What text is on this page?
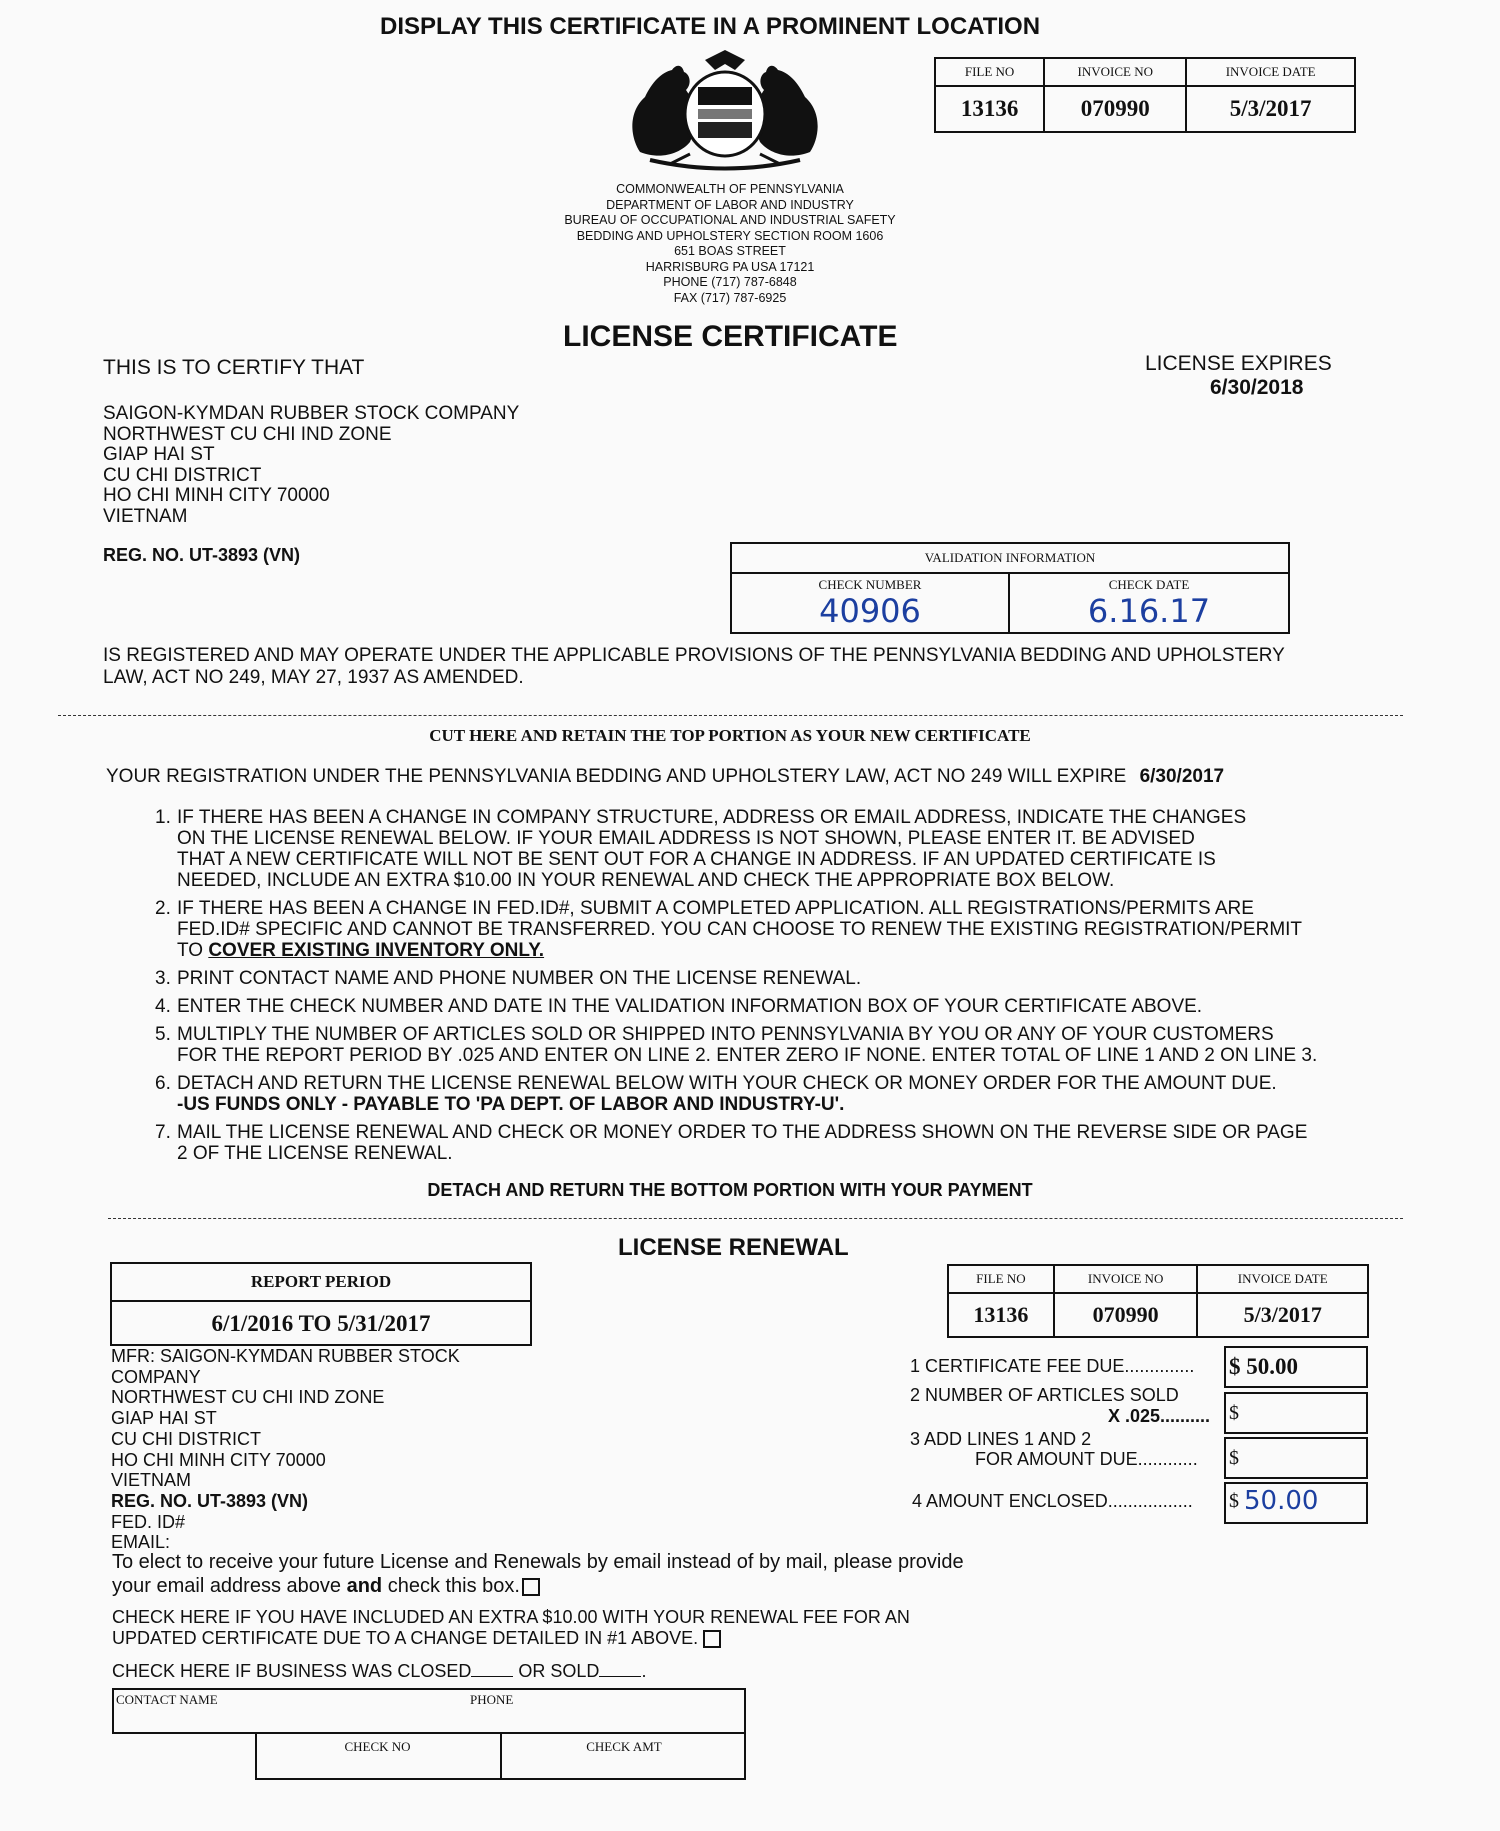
DISPLAY THIS CERTIFICATE IN A PROMINENT LOCATION
FILE NO	INVOICE NO	INVOICE DATE
13136	070990	5/3/2017
COMMONWEALTH OF PENNSYLVANIA
DEPARTMENT OF LABOR AND INDUSTRY
BUREAU OF OCCUPATIONAL AND INDUSTRIAL SAFETY
BEDDING AND UPHOLSTERY SECTION ROOM 1606
651 BOAS STREET
HARRISBURG PA USA 17121
PHONE (717) 787-6848
FAX (717) 787-6925
LICENSE CERTIFICATE
THIS IS TO CERTIFY THAT	LICENSE EXPIRES
6/30/2018
SAIGON-KYMDAN RUBBER STOCK COMPANY
NORTHWEST CU CHI IND ZONE
GIAP HAI ST
CU CHI DISTRICT
HO CHI MINH CITY 70000
VIETNAM
REG. NO. UT-3893 (VN)	VALIDATION INFORMATION
CHECK NUMBER	CHECK DATE
40906	6.16.17
IS REGISTERED AND MAY OPERATE UNDER THE APPLICABLE PROVISIONS OF THE PENNSYLVANIA BEDDING AND UPHOLSTERY
LAW, ACT NO 249, MAY 27, 1937 AS AMENDED.
CUT HERE AND RETAIN THE TOP PORTION AS YOUR NEW CERTIFICATE
YOUR REGISTRATION UNDER THE PENNSYLVANIA BEDDING AND UPHOLSTERY LAW, ACT NO 249 WILL EXPIRE 6/30/2017
1. IF THERE HAS BEEN A CHANGE IN COMPANY STRUCTURE, ADDRESS OR EMAIL ADDRESS, INDICATE THE CHANGES
ON THE LICENSE RENEWAL BELOW. IF YOUR EMAIL ADDRESS IS NOT SHOWN, PLEASE ENTER IT. BE ADVISED
THAT A NEW CERTIFICATE WILL NOT BE SENT OUT FOR A CHANGE IN ADDRESS. IF AN UPDATED CERTIFICATE IS
NEEDED, INCLUDE AN EXTRA $10.00 IN YOUR RENEWAL AND CHECK THE APPROPRIATE BOX BELOW.
2. IF THERE HAS BEEN A CHANGE IN FED.ID#, SUBMIT A COMPLETED APPLICATION. ALL REGISTRATIONS/PERMITS ARE
FED.ID# SPECIFIC AND CANNOT BE TRANSFERRED. YOU CAN CHOOSE TO RENEW THE EXISTING REGISTRATION/PERMIT
TO COVER EXISTING INVENTORY ONLY.
3. PRINT CONTACT NAME AND PHONE NUMBER ON THE LICENSE RENEWAL.
4. ENTER THE CHECK NUMBER AND DATE IN THE VALIDATION INFORMATION BOX OF YOUR CERTIFICATE ABOVE.
5. MULTIPLY THE NUMBER OF ARTICLES SOLD OR SHIPPED INTO PENNSYLVANIA BY YOU OR ANY OF YOUR CUSTOMERS
FOR THE REPORT PERIOD BY .025 AND ENTER ON LINE 2. ENTER ZERO IF NONE. ENTER TOTAL OF LINE 1 AND 2 ON LINE 3.
6. DETACH AND RETURN THE LICENSE RENEWAL BELOW WITH YOUR CHECK OR MONEY ORDER FOR THE AMOUNT DUE.
-US FUNDS ONLY - PAYABLE TO 'PA DEPT. OF LABOR AND INDUSTRY-U'.
7. MAIL THE LICENSE RENEWAL AND CHECK OR MONEY ORDER TO THE ADDRESS SHOWN ON THE REVERSE SIDE OR PAGE
2 OF THE LICENSE RENEWAL.
DETACH AND RETURN THE BOTTOM PORTION WITH YOUR PAYMENT
LICENSE RENEWAL
REPORT PERIOD
6/1/2016 TO 5/31/2017
FILE NO	INVOICE NO	INVOICE DATE
13136	070990	5/3/2017
MFR: SAIGON-KYMDAN RUBBER STOCK
COMPANY
NORTHWEST CU CHI IND ZONE
GIAP HAI ST
CU CHI DISTRICT
HO CHI MINH CITY 70000
VIETNAM
REG. NO. UT-3893 (VN)
FED. ID#
EMAIL:
1 CERTIFICATE FEE DUE.............. $ 50.00
2 NUMBER OF ARTICLES SOLD
X .025.......... $
3 ADD LINES 1 AND 2
FOR AMOUNT DUE............ $
4 AMOUNT ENCLOSED................. $ 50.00
To elect to receive your future License and Renewals by email instead of by mail, please provide
your email address above and check this box.
CHECK HERE IF YOU HAVE INCLUDED AN EXTRA $10.00 WITH YOUR RENEWAL FEE FOR AN
UPDATED CERTIFICATE DUE TO A CHANGE DETAILED IN #1 ABOVE.
CHECK HERE IF BUSINESS WAS CLOSED OR SOLD .
CONTACT NAME	PHONE
CHECK NO	CHECK AMT
